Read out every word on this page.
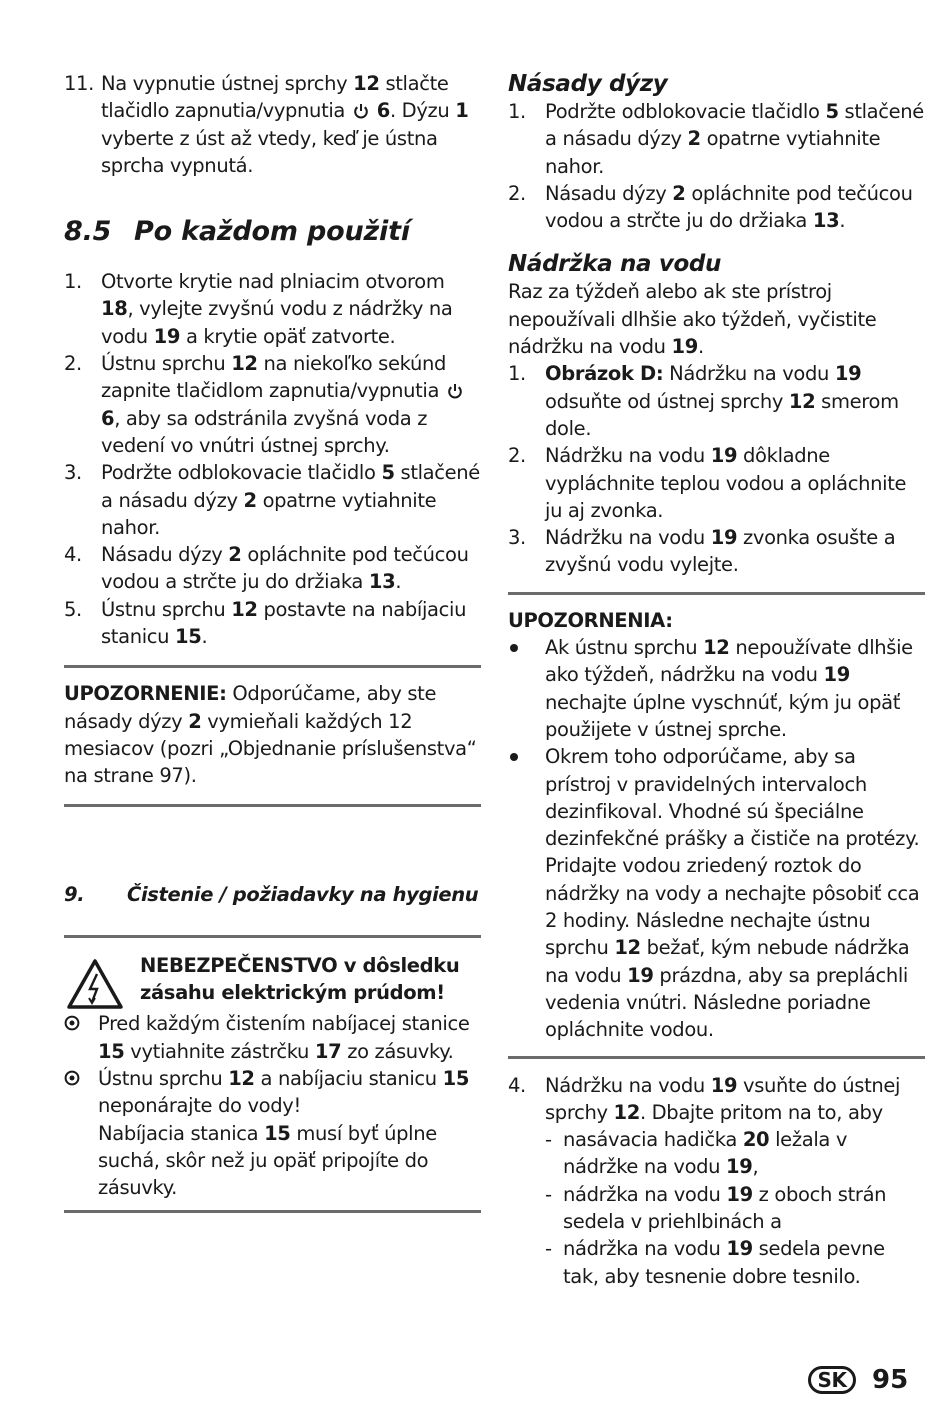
11. Na vypnutie ústnej sprchy 12 stlačte tlačidlo zapnutia/vypnutia  6. Dýzu 1 vyberte z úst až vtedy, keď je ústna sprcha vypnutá.
8.5 Po každom použití
1. Otvorte krytie nad plniacim otvorom 18, vylejte zvyšnú vodu z nádržky na vodu 19 a krytie opäť zatvorte.
2. Ústnu sprchu 12 na niekoľko sekúnd zapnite tlačidlom zapnutia/vypnutia  6, aby sa odstránila zvyšná voda z vedení vo vnútri ústnej sprchy.
3. Podržte odblokovacie tlačidlo 5 stlačené a násadu dýzy 2 opatrne vytiahnite nahor.
4. Násadu dýzy 2 opláchnite pod tečúcou vodou a strčte ju do držiaka 13.
5. Ústnu sprchu 12 postavte na nabíjaciu stanicu 15.

UPOZORNENIE: Odporúčame, aby ste násady dýzy 2 vymieňali každých 12 mesiacov (pozri „Objednanie príslušenstva“ na strane 97).

9. Čistenie / požiadavky na hygienu
NEBEZPEČENSTVO v dôsledku zásahu elektrickým prúdom!
Pred každým čistením nabíjacej stanice 15 vytiahnite zástrčku 17 zo zásuvky.
Ústnu sprchu 12 a nabíjaciu stanicu 15 neponárajte do vody!
Nabíjacia stanica 15 musí byť úplne suchá, skôr než ju opäť pripojíte do zásuvky.
Násady dýzy
1. Podržte odblokovacie tlačidlo 5 stlačené a násadu dýzy 2 opatrne vytiahnite nahor.
2. Násadu dýzy 2 opláchnite pod tečúcou vodou a strčte ju do držiaka 13.
Nádržka na vodu

Raz za týždeň alebo ak ste prístroj nepoužívali dlhšie ako týždeň, vyčistite nádržku na vodu 19.

1. Obrázok D: Nádržku na vodu 19 odsuňte od ústnej sprchy 12 smerom dole.
2. Nádržku na vodu 19 dôkladne vypláchnite teplou vodou a opláchnite ju aj zvonka.
3. Nádržku na vodu 19 zvonka osušte a zvyšnú vodu vylejte.

UPOZORNENIA:

Ak ústnu sprchu 12 nepoužívate dlhšie ako týždeň, nádržku na vodu 19 nechajte úplne vyschnúť, kým ju opäť použijete v ústnej sprche.
Okrem toho odporúčame, aby sa prístroj v pravidelných intervaloch dezinfikoval. Vhodné sú špeciálne dezinfekčné prášky a čističe na protézy. Pridajte vodou zriedený roztok do nádržky na vody a nechajte pôsobiť cca 2 hodiny. Následne nechajte ústnu sprchu 12 bežať, kým nebude nádržka na vodu 19 prázdna, aby sa prepláchli vedenia vnútri. Následne poriadne opláchnite vodou.
4. Nádržku na vodu 19 vsuňte do ústnej sprchy 12. Dbajte pritom na to, aby
- nasávacia hadička 20 ležala v nádržke na vodu 19,
- nádržka na vodu 19 z oboch strán sedela v priehlbinách a
- nádržka na vodu 19 sedela pevne tak, aby tesnenie dobre tesnilo.
SK 95
